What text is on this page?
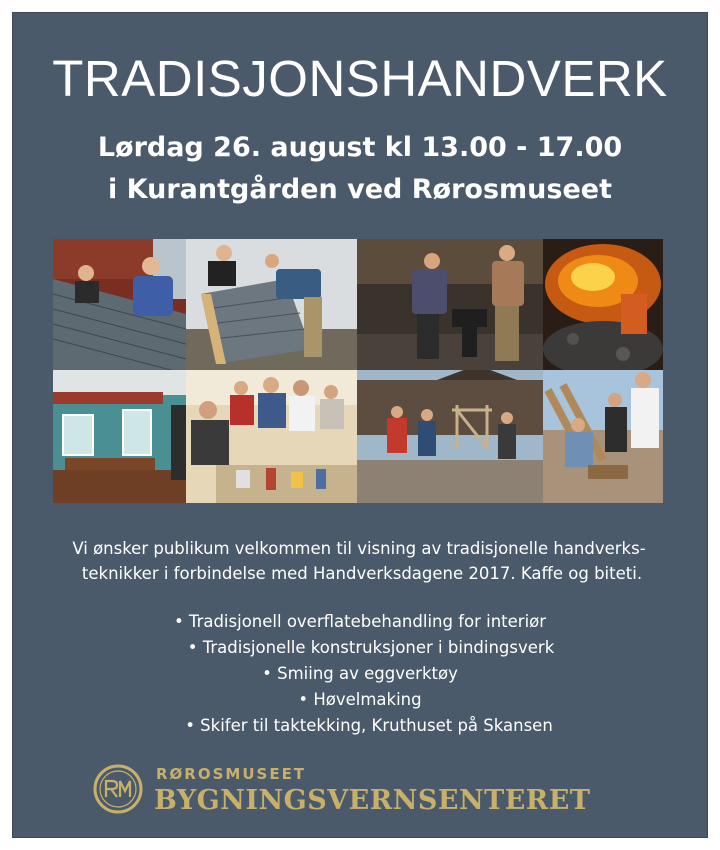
TRADISJONSHANDVERK
Lørdag 26. august kl 13.00 - 17.00
i Kurantgården ved Rørosmuseet
Vi ønsker publikum velkommen til visning av tradisjonelle handverks-
teknikker i forbindelse med Handverksdagene 2017. Kaffe og biteti.
• Tradisjonell overflatebehandling for interiør
• Tradisjonelle konstruksjoner i bindingsverk
• Smiing av eggverktøy
• Høvelmaking
• Skifer til taktekking, Kruthuset på Skansen
RØROSMUSEET
BYGNINGSVERNSENTERET
